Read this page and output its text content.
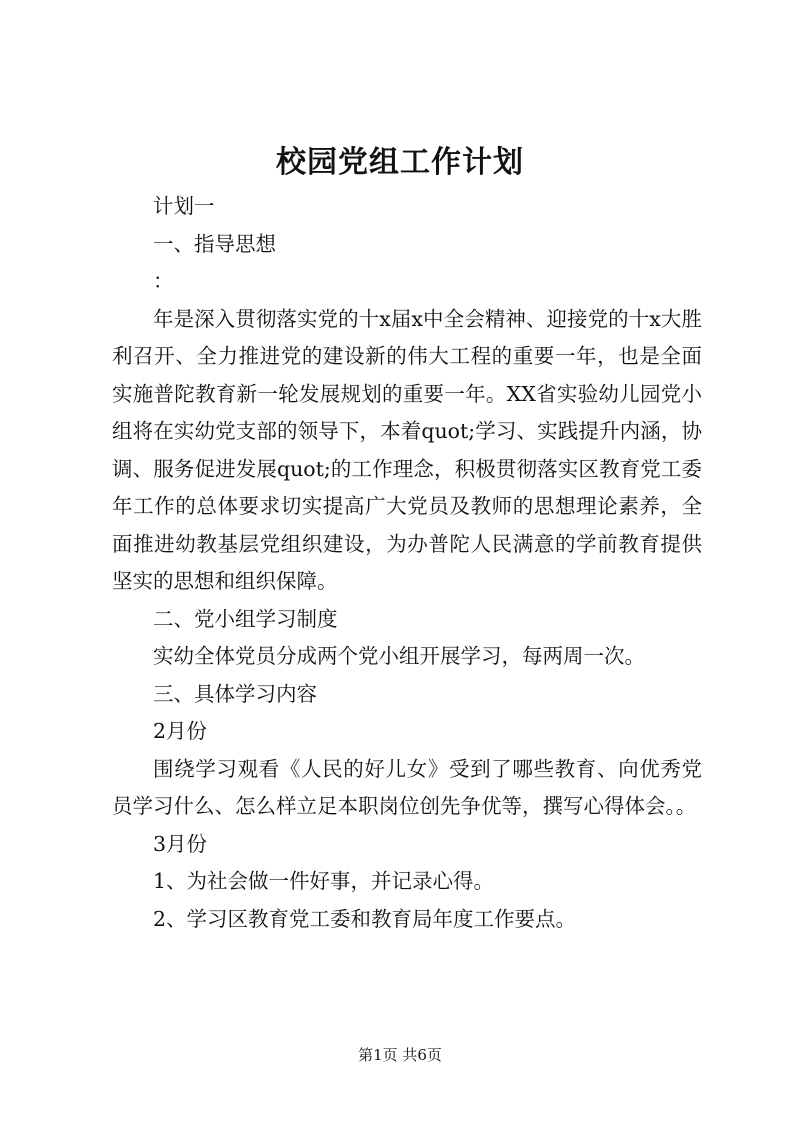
校园党组工作计划

计划一

一、指导思想

：

年是深入贯彻落实党的十x届x中全会精神、迎接党的十x大胜利召开、全力推进党的建设新的伟大工程的重要一年，也是全面实施普陀教育新一轮发展规划的重要一年。XX省实验幼儿园党小组将在实幼党支部的领导下，本着quot;学习、实践提升内涵，协调、服务促进发展quot;的工作理念，积极贯彻落实区教育党工委年工作的总体要求切实提高广大党员及教师的思想理论素养，全面推进幼教基层党组织建设，为办普陀人民满意的学前教育提供坚实的思想和组织保障。

二、党小组学习制度

实幼全体党员分成两个党小组开展学习，每两周一次。

三、具体学习内容

2月份

围绕学习观看《人民的好儿女》受到了哪些教育、向优秀党员学习什么、怎么样立足本职岗位创先争优等，撰写心得体会。。

3月份

1、为社会做一件好事，并记录心得。

2、学习区教育党工委和教育局年度工作要点。

第1页 共6页
